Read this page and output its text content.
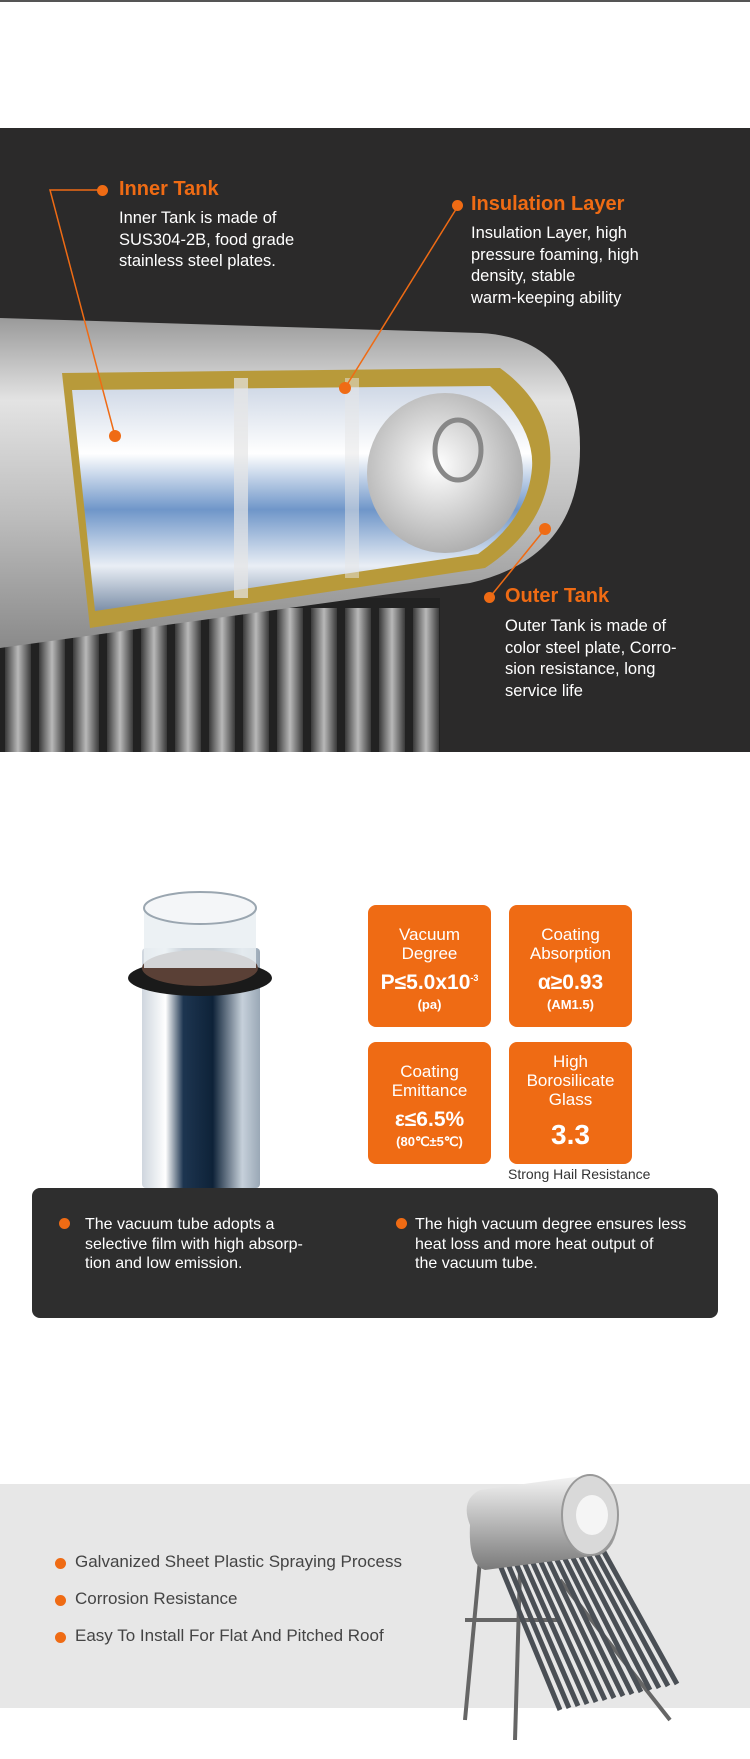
Inner Tank
Inner Tank is made of
SUS304-2B, food grade
stainless steel plates.
Insulation Layer
Insulation Layer, high
pressure foaming, high
density, stable
warm-keeping ability
Outer Tank
Outer Tank is made of
color steel plate, Corro-
sion resistance, long
service life
Vacuum
Degree
$P\le 5.0x10^{-3}$
(pa)
Coating
Absorption
α≥0.93
(AM1.5)
Coating
Emittance
ε≤6.5%
(80℃±5℃)
High
Borosilicate
Glass
3.3
Strong Hail Resistance
The vacuum tube adopts a
selective film with high absorp-
tion and low emission.
The high vacuum degree ensures less
heat loss and more heat output of
the vacuum tube.
Galvanized Sheet Plastic Spraying Process
Corrosion Resistance
Easy To Install For Flat And Pitched Roof
